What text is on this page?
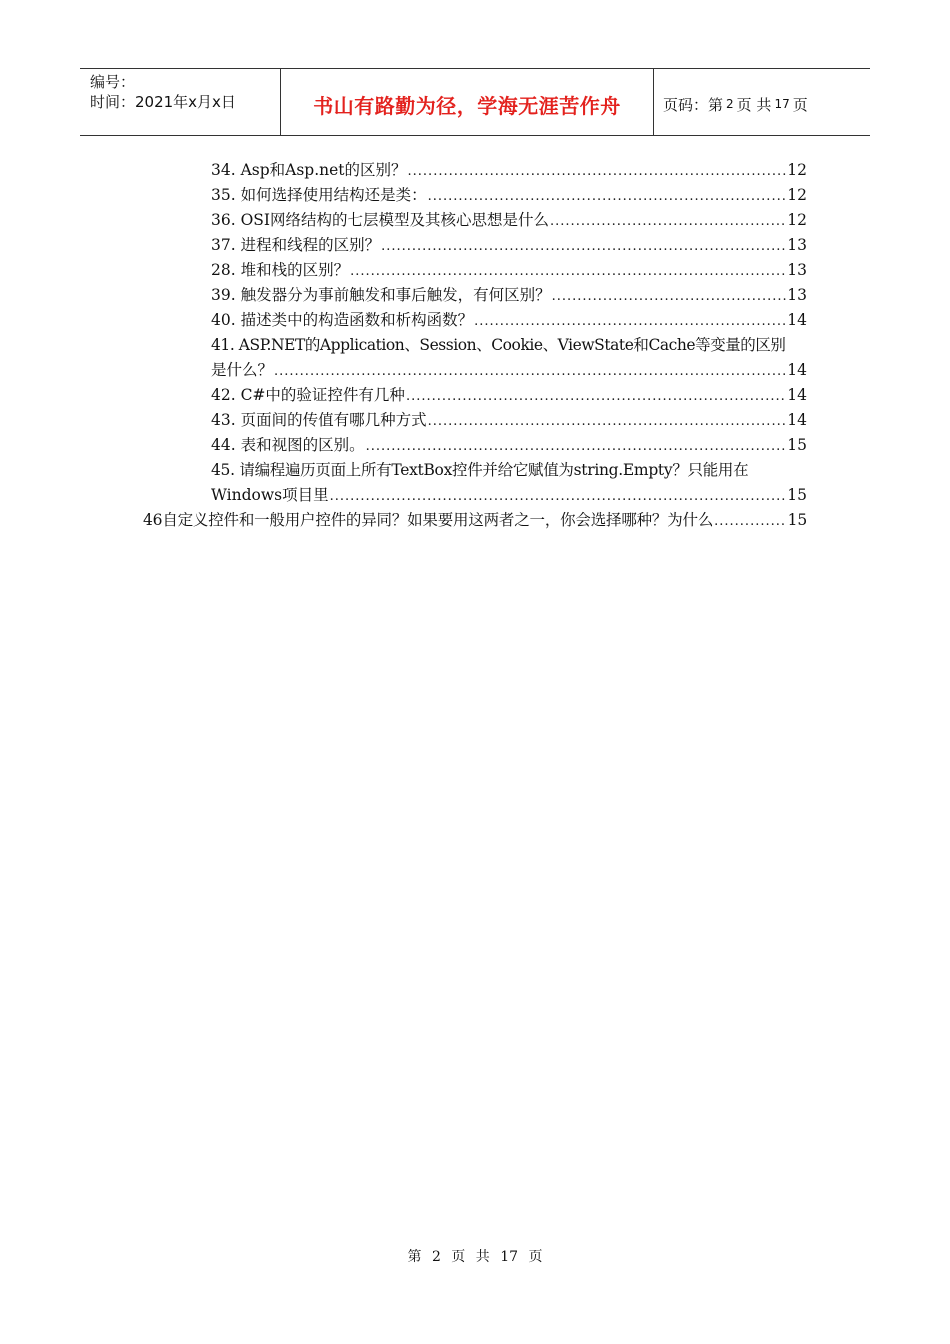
编号：
时间：2021年x月x日	书山有路勤为径，学海无涯苦作舟	页码：第 2 页 共 17 页
34. Asp和Asp.net的区别？ .....	12
35. 如何选择使用结构还是类： .....	12
36. OSI网络结构的七层模型及其核心思想是什么 .....	12
37. 进程和线程的区别？ .....	13
28. 堆和栈的区别？ .....	13
39. 触发器分为事前触发和事后触发，有何区别？ .....	13
40. 描述类中的构造函数和析构函数？ .....	14
41. ASP.NET的Application、Session、Cookie、ViewState和Cache等变量的区别
是什么？ .....	14
42. C#中的验证控件有几种 .....	14
43. 页面间的传值有哪几种方式 .....	14
44. 表和视图的区别。 .....	15
45. 请编程遍历页面上所有TextBox控件并给它赋值为string.Empty？只能用在
Windows项目里 .....	15
46自定义控件和一般用户控件的异同？如果要用这两者之一，你会选择哪种？为什么 .....	15
第 2 页 共 17 页
